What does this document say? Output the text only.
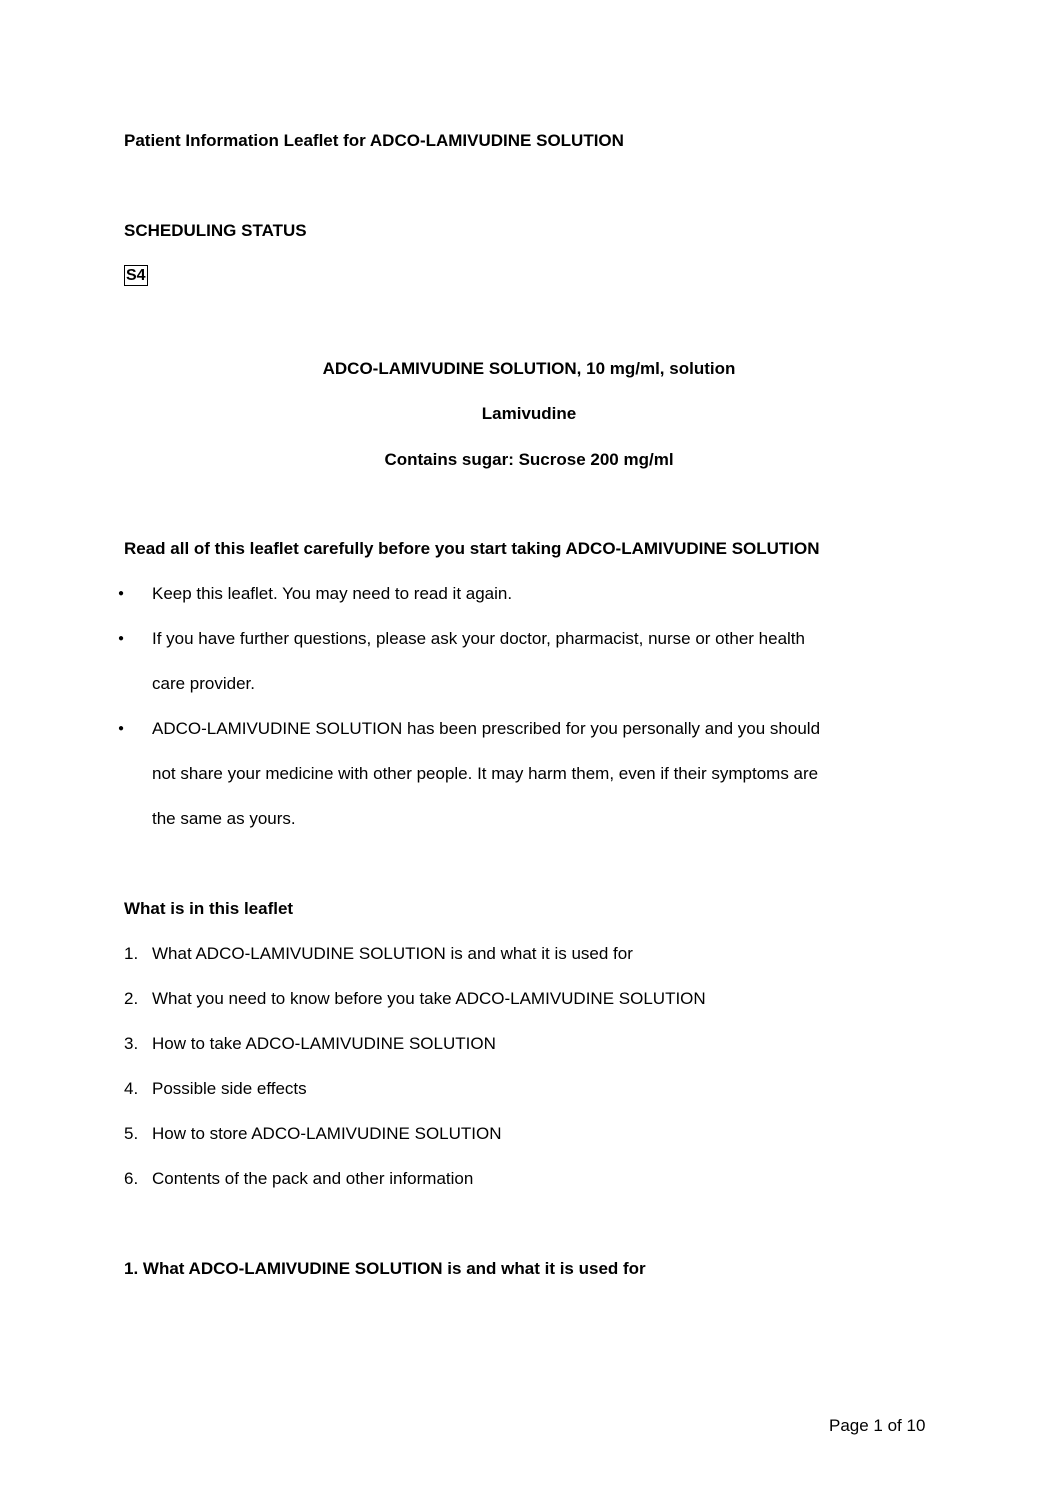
Patient Information Leaflet for ADCO-LAMIVUDINE SOLUTION
SCHEDULING STATUS
S4
ADCO-LAMIVUDINE SOLUTION, 10 mg/ml, solution
Lamivudine
Contains sugar: Sucrose 200 mg/ml
Read all of this leaflet carefully before you start taking ADCO-LAMIVUDINE SOLUTION
● Keep this leaflet. You may need to read it again.
● If you have further questions, please ask your doctor, pharmacist, nurse or other health
care provider.
● ADCO-LAMIVUDINE SOLUTION has been prescribed for you personally and you should
not share your medicine with other people. It may harm them, even if their symptoms are
the same as yours.
What is in this leaflet
1. What ADCO-LAMIVUDINE SOLUTION is and what it is used for
2. What you need to know before you take ADCO-LAMIVUDINE SOLUTION
3. How to take ADCO-LAMIVUDINE SOLUTION
4. Possible side effects
5. How to store ADCO-LAMIVUDINE SOLUTION
6. Contents of the pack and other information
1. What ADCO-LAMIVUDINE SOLUTION is and what it is used for
Page 1 of 10
